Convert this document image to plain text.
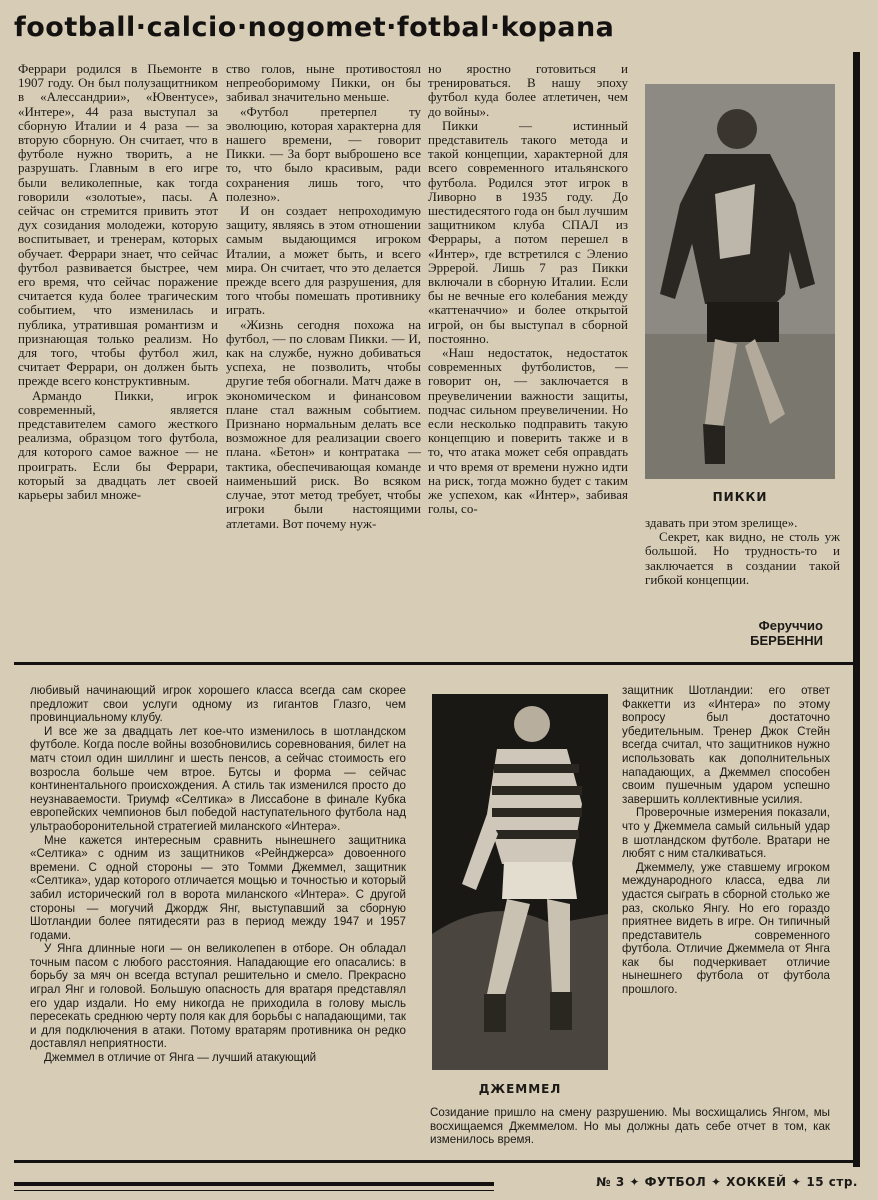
football·calcio·nogomet·fotbal·kopana

Феррари родился в Пьемонте в 1907 году. Он был полузащитником в «Алессандрии», «Ювентусе», «Интере», 44 раза выступал за сборную Италии и 4 раза — за вторую сборную. Он считает, что в футболе нужно творить, а не разрушать. Главным в его игре были великолепные, как тогда говорили «золотые», пасы. А сейчас он стремится привить этот дух созидания молодежи, которую воспитывает, и тренерам, которых обучает. Феррари знает, что сейчас футбол развивается быстрее, чем его время, что сейчас поражение считается куда более трагическим событием, что изменилась и публика, утратившая романтизм и признающая только реализм. Но для того, чтобы футбол жил, считает Феррари, он должен быть прежде всего конструктивным.

Армандо Пикки, игрок современный, является представителем самого жесткого реализма, образцом того футбола, для которого самое важное — не проиграть. Если бы Феррари, который за двадцать лет своей карьеры забил множе-

ство голов, ныне противостоял непреоборимому Пикки, он бы забивал значительно меньше.

«Футбол претерпел ту эволюцию, которая характерна для нашего времени, — говорит Пикки. — За борт выброшено все то, что было красивым, ради сохранения лишь того, что полезно».

И он создает непроходимую защиту, являясь в этом отношении самым выдающимся игроком Италии, а может быть, и всего мира. Он считает, что это делается прежде всего для разрушения, для того чтобы помешать противнику играть.

«Жизнь сегодня похожа на футбол, — по словам Пикки. — И, как на службе, нужно добиваться успеха, не позволить, чтобы другие тебя обогнали. Матч даже в экономическом и финансовом плане стал важным событием. Признано нормальным делать все возможное для реализации своего плана. «Бетон» и контратака — тактика, обеспечивающая команде наименьший риск. Во всяком случае, этот метод требует, чтобы игроки были настоящими атлетами. Вот почему нуж-

но яростно готовиться и тренироваться. В нашу эпоху футбол куда более атлетичен, чем до войны».

Пикки — истинный представитель такого метода и такой концепции, характерной для всего современного итальянского футбола. Родился этот игрок в Ливорно в 1935 году. До шестидесятого года он был лучшим защитником клуба СПАЛ из Феррары, а потом перешел в «Интер», где встретился с Эленио Эррерой. Лишь 7 раз Пикки включали в сборную Италии. Если бы не вечные его колебания между «каттеначчио» и более открытой игрой, он бы выступал в сборной постоянно.

«Наш недостаток, недостаток современных футболистов, — говорит он, — заключается в преувеличении важности защиты, подчас сильном преувеличении. Но если несколько подправить такую концепцию и поверить также и в то, что атака может себя оправдать и что время от времени нужно идти на риск, тогда можно будет с таким же успехом, как «Интер», забивая голы, со-

ПИККИ

здавать при этом зрелище».

Секрет, как видно, не столь уж большой. Но трудность-то и заключается в создании такой гибкой концепции.

Феруччио
БЕРБЕННИ

любивый начинающий игрок хорошего класса всегда сам скорее предложит свои услуги одному из гигантов Глазго, чем провинциальному клубу.

И все же за двадцать лет кое-что изменилось в шотландском футболе. Когда после войны возобновились соревнования, билет на матч стоил один шиллинг и шесть пенсов, а сейчас стоимость его возросла больше чем втрое. Бутсы и форма — сейчас континентального происхождения. А стиль так изменился просто до неузнаваемости. Триумф «Селтика» в Лиссабоне в финале Кубка европейских чемпионов был победой наступательного футбола над ультраоборонительной стратегией миланского «Интера».

Мне кажется интересным сравнить нынешнего защитника «Селтика» с одним из защитников «Рейнджерса» довоенного времени. С одной стороны — это Томми Джеммел, защитник «Селтика», удар которого отличается мощью и точностью и который забил исторический гол в ворота миланского «Интера». С другой стороны — могучий Джордж Янг, выступавший за сборную Шотландии более пятидесяти раз в период между 1947 и 1957 годами.

У Янга длинные ноги — он великолепен в отборе. Он обладал точным пасом с любого расстояния. Нападающие его опасались: в борьбу за мяч он всегда вступал решительно и смело. Прекрасно играл Янг и головой. Большую опасность для вратаря представлял его удар издали. Но ему никогда не приходила в голову мысль пересекать среднюю черту поля как для борьбы с нападающими, так и для подключения в атаки. Потому вратарям противника он редко доставлял неприятности.

Джеммел в отличие от Янга — лучший атакующий

ДЖЕММЕЛ

защитник Шотландии: его ответ Факкетти из «Интера» по этому вопросу был достаточно убедительным. Тренер Джок Стейн всегда считал, что защитников нужно использовать как дополнительных нападающих, а Джеммел способен своим пушечным ударом успешно завершить коллективные усилия.

Проверочные измерения показали, что у Джеммела самый сильный удар в шотландском футболе. Вратари не любят с ним сталкиваться.

Джеммелу, уже ставшему игроком международного класса, едва ли удастся сыграть в сборной столько же раз, сколько Янгу. Но его гораздо приятнее видеть в игре. Он типичный представитель современного футбола. Отличие Джеммела от Янга как бы подчеркивает отличие нынешнего футбола от футбола прошлого.

Созидание пришло на смену разрушению. Мы восхищались Янгом, мы восхищаемся Джеммелом. Но мы должны дать себе отчет в том, как изменилось время.

№ 3 ✦ ФУТБОЛ ✦ ХОККЕЙ ✦ 15 стр.
